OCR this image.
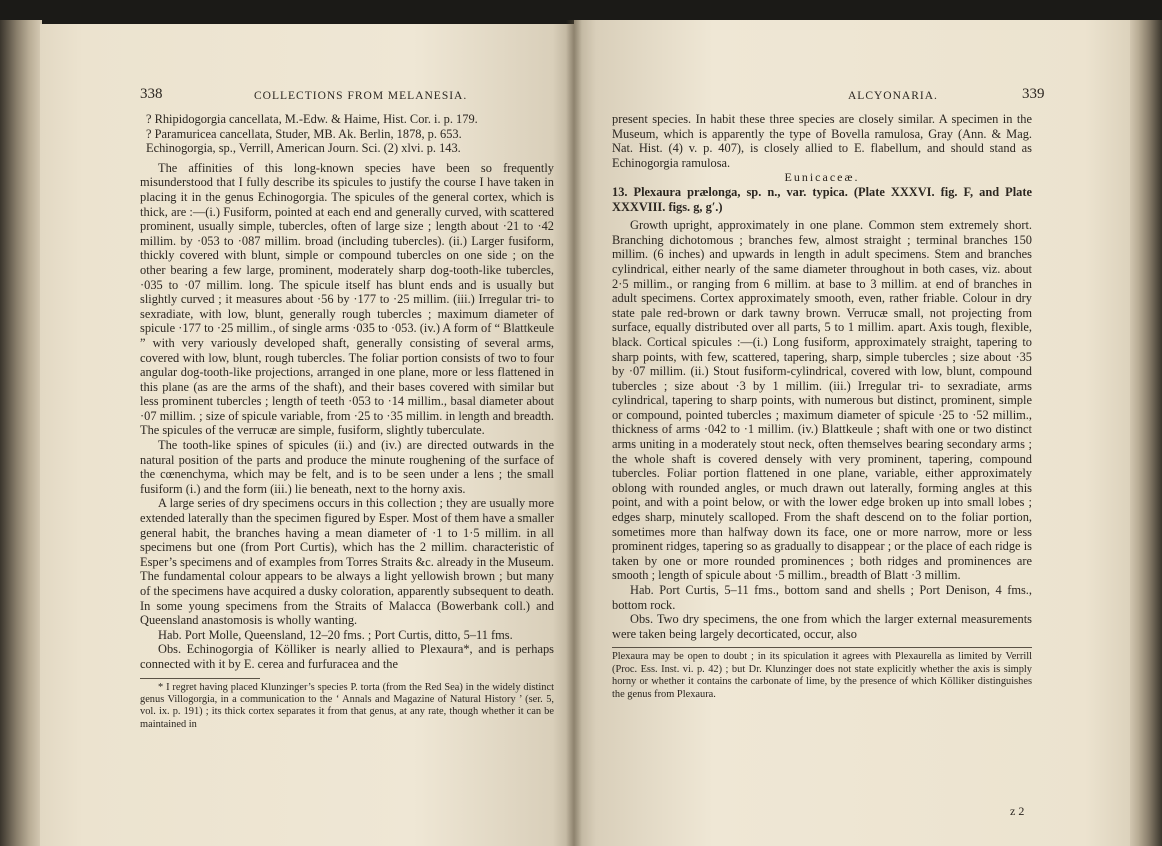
338	COLLECTIONS FROM MELANESIA.

? Rhipidogorgia cancellata, M.-Edw. & Haime, Hist. Cor. i. p. 179.

? Paramuricea cancellata, Studer, MB. Ak. Berlin, 1878, p. 653.

Echinogorgia, sp., Verrill, American Journ. Sci. (2) xlvi. p. 143.

The affinities of this long-known species have been so frequently misunderstood that I fully describe its spicules to justify the course I have taken in placing it in the genus Echinogorgia. The spicules of the general cortex, which is thick, are :—(i.) Fusiform, pointed at each end and generally curved, with scattered prominent, usually simple, tubercles, often of large size ; length about ·21 to ·42 millim. by ·053 to ·087 millim. broad (including tubercles). (ii.) Larger fusiform, thickly covered with blunt, simple or compound tubercles on one side ; on the other bearing a few large, prominent, moderately sharp dog-tooth-like tubercles, ·035 to ·07 millim. long. The spicule itself has blunt ends and is usually but slightly curved ; it measures about ·56 by ·177 to ·25 millim. (iii.) Irregular tri- to sexradiate, with low, blunt, generally rough tubercles ; maximum diameter of spicule ·177 to ·25 millim., of single arms ·035 to ·053. (iv.) A form of “ Blattkeule ” with very variously developed shaft, generally consisting of several arms, covered with low, blunt, rough tubercles. The foliar portion consists of two to four angular dog-tooth-like projections, arranged in one plane, more or less flattened in this plane (as are the arms of the shaft), and their bases covered with similar but less prominent tubercles ; length of teeth ·053 to ·14 millim., basal diameter about ·07 millim. ; size of spicule variable, from ·25 to ·35 millim. in length and breadth. The spicules of the verrucæ are simple, fusiform, slightly tuberculate.

The tooth-like spines of spicules (ii.) and (iv.) are directed outwards in the natural position of the parts and produce the minute roughening of the surface of the cœnenchyma, which may be felt, and is to be seen under a lens ; the small fusiform (i.) and the form (iii.) lie beneath, next to the horny axis.

A large series of dry specimens occurs in this collection ; they are usually more extended laterally than the specimen figured by Esper. Most of them have a smaller general habit, the branches having a mean diameter of ·1 to 1·5 millim. in all specimens but one (from Port Curtis), which has the 2 millim. characteristic of Esper’s specimens and of examples from Torres Straits &c. already in the Museum. The fundamental colour appears to be always a light yellowish brown ; but many of the specimens have acquired a dusky coloration, apparently subsequent to death. In some young specimens from the Straits of Malacca (Bowerbank coll.) and Queensland anastomosis is wholly wanting.

Hab. Port Molle, Queensland, 12–20 fms. ; Port Curtis, ditto, 5–11 fms.

Obs. Echinogorgia of Kölliker is nearly allied to Plexaura*, and is perhaps connected with it by E. cerea and furfuracea and the

* I regret having placed Klunzinger’s species P. torta (from the Red Sea) in the widely distinct genus Villogorgia, in a communication to the ‘ Annals and Magazine of Natural History ’ (ser. 5, vol. ix. p. 191) ; its thick cortex separates it from that genus, at any rate, though whether it can be maintained in

ALCYONARIA.	339

present species. In habit these three species are closely similar. A specimen in the Museum, which is apparently the type of Bovella ramulosa, Gray (Ann. & Mag. Nat. Hist. (4) v. p. 407), is closely allied to E. flabellum, and should stand as Echinogorgia ramulosa.

Eunicaceæ.

13. Plexaura prælonga, sp. n., var. typica. (Plate XXXVI. fig. F, and Plate XXXVIII. figs. g, g′.)

Growth upright, approximately in one plane. Common stem extremely short. Branching dichotomous ; branches few, almost straight ; terminal branches 150 millim. (6 inches) and upwards in length in adult specimens. Stem and branches cylindrical, either nearly of the same diameter throughout in both cases, viz. about 2·5 millim., or ranging from 6 millim. at base to 3 millim. at end of branches in adult specimens. Cortex approximately smooth, even, rather friable. Colour in dry state pale red-brown or dark tawny brown. Verrucæ small, not projecting from surface, equally distributed over all parts, 5 to 1 millim. apart. Axis tough, flexible, black. Cortical spicules :—(i.) Long fusiform, approximately straight, tapering to sharp points, with few, scattered, tapering, sharp, simple tubercles ; size about ·35 by ·07 millim. (ii.) Stout fusiform-cylindrical, covered with low, blunt, compound tubercles ; size about ·3 by 1 millim. (iii.) Irregular tri- to sexradiate, arms cylindrical, tapering to sharp points, with numerous but distinct, prominent, simple or compound, pointed tubercles ; maximum diameter of spicule ·25 to ·52 millim., thickness of arms ·042 to ·1 millim. (iv.) Blattkeule ; shaft with one or two distinct arms uniting in a moderately stout neck, often themselves bearing secondary arms ; the whole shaft is covered densely with very prominent, tapering, compound tubercles. Foliar portion flattened in one plane, variable, either approximately oblong with rounded angles, or much drawn out laterally, forming angles at this point, and with a point below, or with the lower edge broken up into small lobes ; edges sharp, minutely scalloped. From the shaft descend on to the foliar portion, sometimes more than halfway down its face, one or more narrow, more or less prominent ridges, tapering so as gradually to disappear ; or the place of each ridge is taken by one or more rounded prominences ; both ridges and prominences are smooth ; length of spicule about ·5 millim., breadth of Blatt ·3 millim.

Hab. Port Curtis, 5–11 fms., bottom sand and shells ; Port Denison, 4 fms., bottom rock.

Obs. Two dry specimens, the one from which the larger external measurements were taken being largely decorticated, occur, also

Plexaura may be open to doubt ; in its spiculation it agrees with Plexaurella as limited by Verrill (Proc. Ess. Inst. vi. p. 42) ; but Dr. Klunzinger does not state explicitly whether the axis is simply horny or whether it contains the carbonate of lime, by the presence of which Kölliker distinguishes the genus from Plexaura.

z 2
